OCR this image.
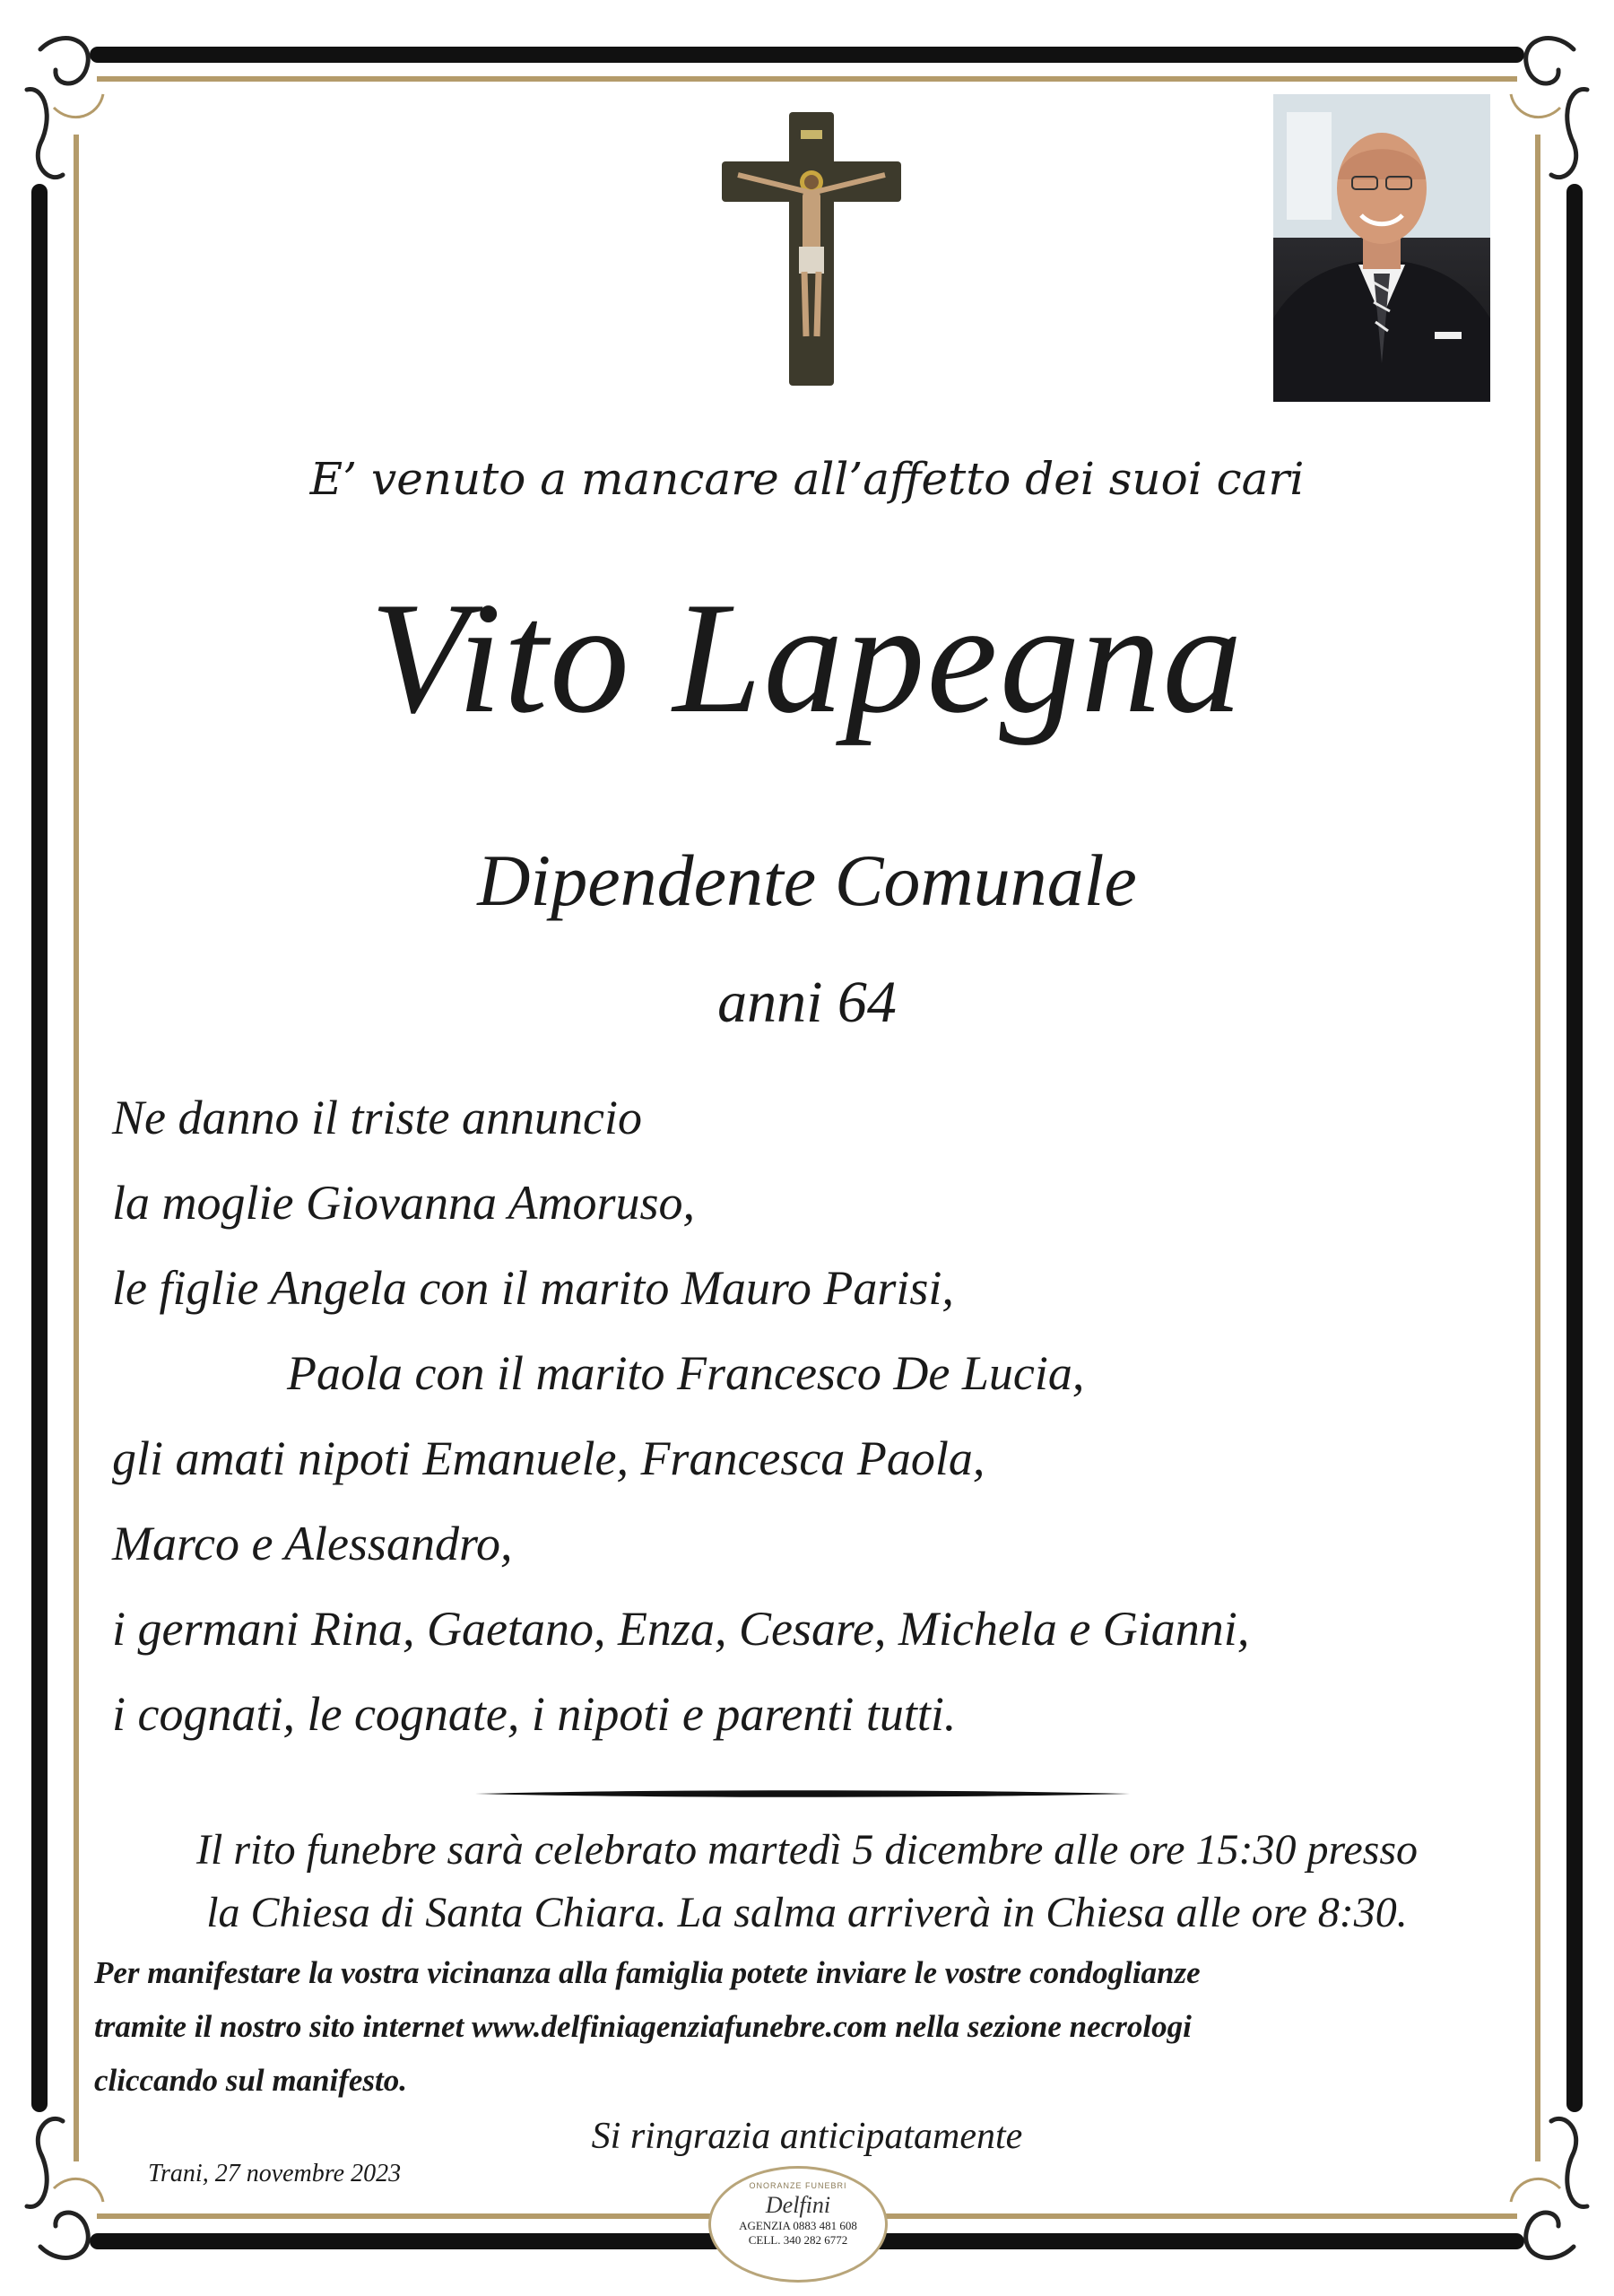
E’ venuto a mancare all’affetto dei suoi cari
Vito Lapegna
Dipendente Comunale
anni 64
Ne danno il triste annuncio
la moglie Giovanna Amoruso,
le figlie Angela con il marito Mauro Parisi,
Paola con il marito Francesco De Lucia,
gli amati nipoti Emanuele, Francesca Paola,
Marco e Alessandro,
i germani Rina, Gaetano, Enza, Cesare, Michela e Gianni,
i cognati, le cognate, i nipoti e parenti tutti.
Il rito funebre sarà celebrato martedì 5 dicembre alle ore 15:30 presso
la Chiesa di Santa Chiara. La salma arriverà in Chiesa alle ore 8:30.
Per manifestare la vostra vicinanza alla famiglia potete inviare le vostre condoglianze
tramite il nostro sito internet www.delfiniagenziafunebre.com nella sezione necrologi
cliccando sul manifesto.
Si ringrazia anticipatamente
Trani, 27 novembre 2023	ONORANZE FUNEBRI
Delfini
AGENZIA 0883 481 608
CELL. 340 282 6772
